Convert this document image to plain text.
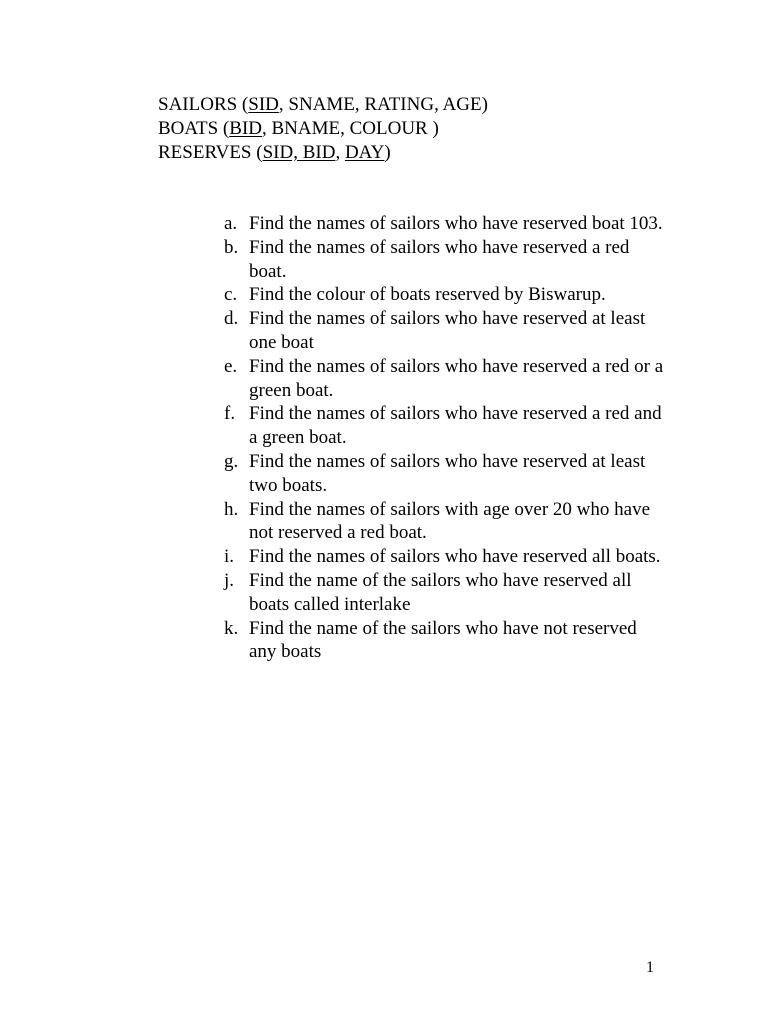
SAILORS (SID, SNAME, RATING, AGE)
BOATS (BID, BNAME, COLOUR )
RESERVES (SID, BID, DAY)
a. Find the names of sailors who have reserved boat 103.
b. Find the names of sailors who have reserved a red boat.
c. Find the colour of boats reserved by Biswarup.
d. Find the names of sailors who have reserved at least one boat
e. Find the names of sailors who have reserved a red or a green boat.
f. Find the names of sailors who have reserved a red and a green boat.
g. Find the names of sailors who have reserved at least two boats.
h. Find the names of sailors with age over 20 who have not reserved a red boat.
i. Find the names of sailors who have reserved all boats.
j. Find the name of the sailors who have reserved all boats called interlake
k. Find the name of the sailors who have not reserved any boats
1
